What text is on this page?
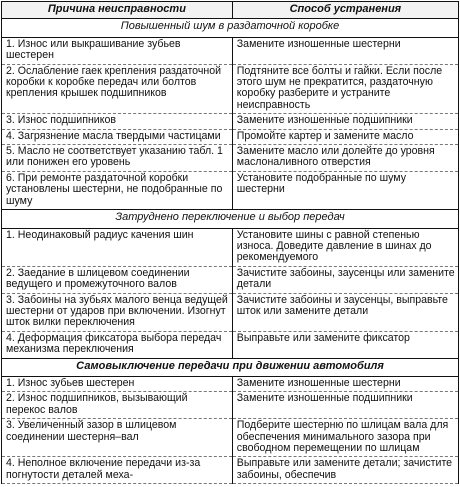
Причина неисправности	Способ устранения
Повышенный шум в раздаточной коробке	
1. Износ или выкрашивание зубьев шестерен	Замените изношенные шестерни
2. Ослабление гаек крепления раздаточной коробки к коробке передач или болтов крепления крышек подшипников	Подтяните все болты и гайки. Если после этого шум не прекратится, раздаточную коробку разберите и устраните неисправность
3. Износ подшипников	Замените изношенные подшипники
4. Загрязнение масла твердыми частицами	Промойте картер и замените масло
5. Масло не соответствует указанию табл. 1 или понижен его уровень	Замените масло или долейте до уровня маслоналивного отверстия
6. При ремонте раздаточной коробки установлены шестерни, не подобранные по шуму	Установите подобранные по шуму шестерни
Затруднено переключение и выбор передач	
1. Неодинаковый радиус качения шин	Установите шины с равной степенью износа. Доведите давление в шинах до рекомендуемого
2. Заедание в шлицевом соединении ведущего и промежуточного валов	Зачистите забоины, заусенцы или замените детали
3. Забоины на зубьях малого венца ведущей шестерни от ударов при включении. Изогнут шток вилки переключения	Зачистите забоины и заусенцы, выправьте шток или замените детали
4. Деформация фиксатора выбора передач механизма переключения	Выправьте или замените фиксатор
Самовыключение передачи при движении автомобиля	
1. Износ зубьев шестерен	Замените изношенные шестерни
2. Износ подшипников, вызывающий перекос валов	Замените изношенные подшипники
3. Увеличенный зазор в шлицевом соединении шестерня–вал	Подберите шестерню по шлицам вала для обеспечения минимального зазора при свободном перемещении по шлицам
4. Неполное включение передачи из-за погнутости деталей меха-	Выправьте или замените детали; зачистите забоины, обеспечив
